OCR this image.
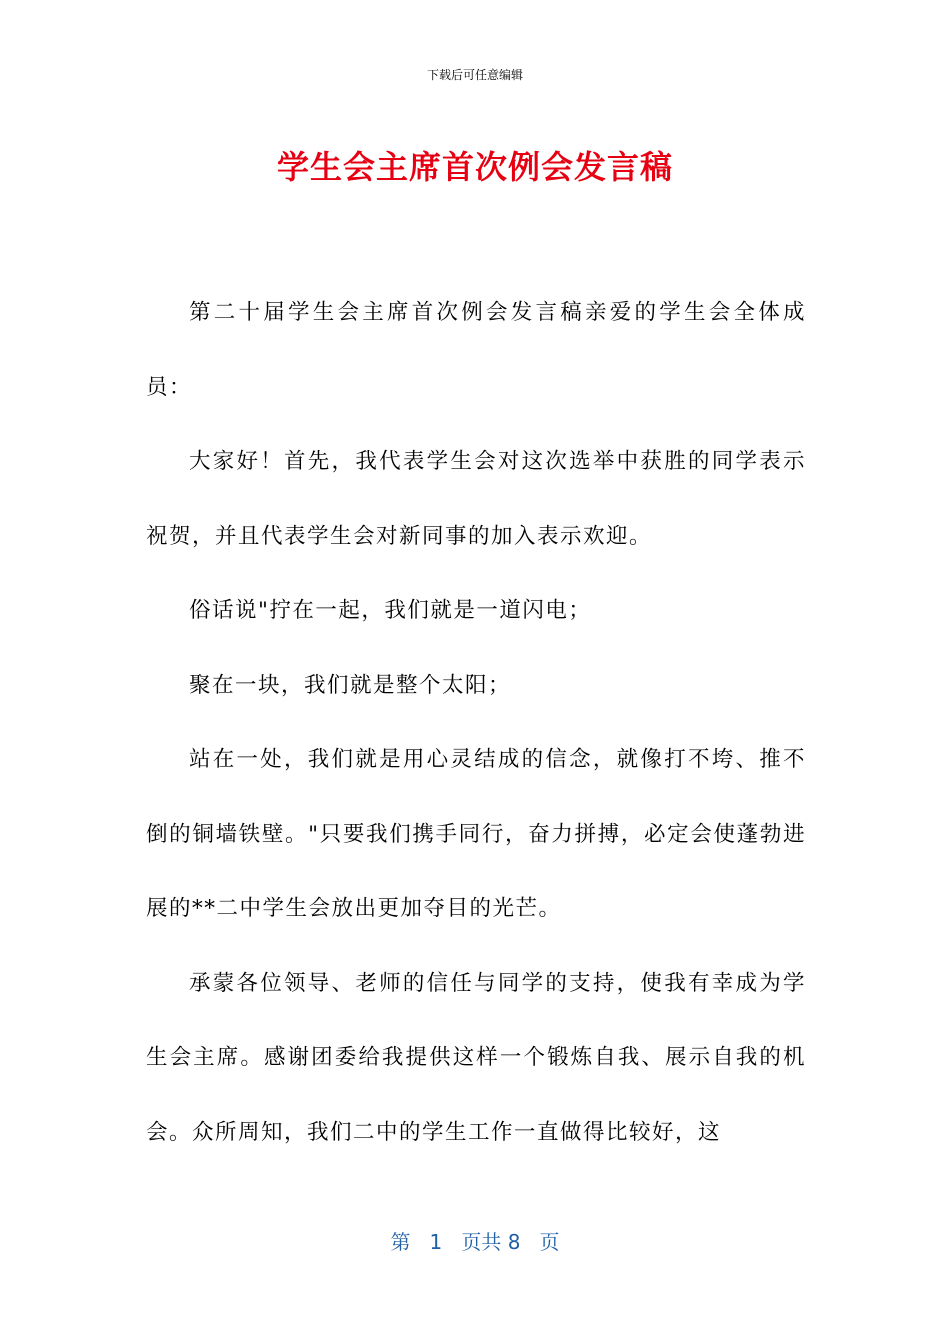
下载后可任意编辑
学生会主席首次例会发言稿

第二十届学生会主席首次例会发言稿亲爱的学生会全体成员：

大家好！首先，我代表学生会对这次选举中获胜的同学表示祝贺，并且代表学生会对新同事的加入表示欢迎。

俗话说"拧在一起，我们就是一道闪电；

聚在一块，我们就是整个太阳；

站在一处，我们就是用心灵结成的信念，就像打不垮、推不倒的铜墙铁壁。"只要我们携手同行，奋力拼搏，必定会使蓬勃进展的**二中学生会放出更加夺目的光芒。

承蒙各位领导、老师的信任与同学的支持，使我有幸成为学生会主席。感谢团委给我提供这样一个锻炼自我、展示自我的机会。众所周知，我们二中的学生工作一直做得比较好，这

第 1 页共 8 页
